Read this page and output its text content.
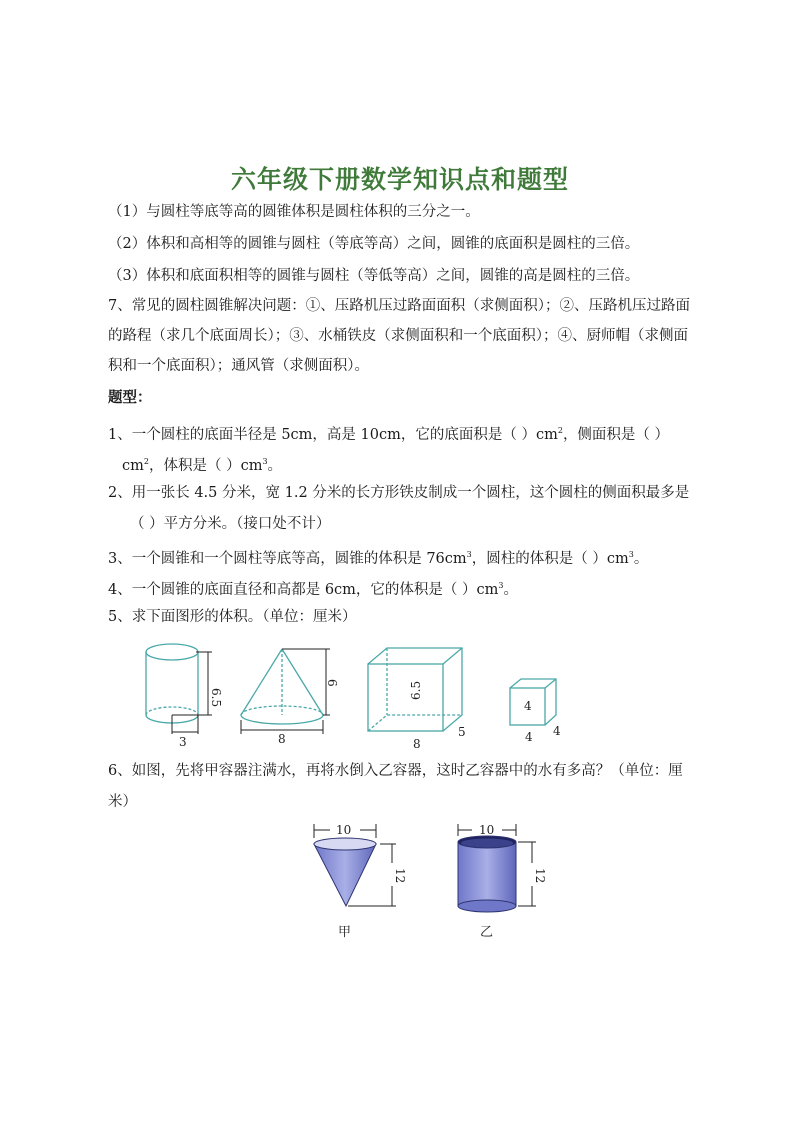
六年级下册数学知识点和题型
（1）与圆柱等底等高的圆锥体积是圆柱体积的三分之一。
（2）体积和高相等的圆锥与圆柱（等底等高）之间，圆锥的底面积是圆柱的三倍。
（3）体积和底面积相等的圆锥与圆柱（等低等高）之间，圆锥的高是圆柱的三倍。
7、常见的圆柱圆锥解决问题：①、压路机压过路面面积（求侧面积）；②、压路机压过路面
的路程（求几个底面周长）；③、水桶铁皮（求侧面积和一个底面积）；④、厨师帽（求侧面
积和一个底面积）；通风管（求侧面积）。
题型：
1、一个圆柱的底面半径是 5cm，高是 10cm，它的底面积是（ ）$cm^2$，侧面积是（ ）
$cm^2$，体积是（ ）$cm^3$。
2、用一张长 4.5 分米，宽 1.2 分米的长方形铁皮制成一个圆柱，这个圆柱的侧面积最多是
（ ）平方分米。（接口处不计）
3、一个圆锥和一个圆柱等底等高，圆锥的体积是 $76cm^3$，圆柱的体积是（ ）$cm^3$。
4、一个圆锥的底面直径和高都是 6cm，它的体积是（ ）$cm^3$。
5、求下面图形的体积。（单位：厘米）
3
6.5
8
6	6.5
8
5
4
4 4
6、如图，先将甲容器注满水，再将水倒入乙容器，这时乙容器中的水有多高？（单位：厘
米）
10
12
甲
10
12
乙
